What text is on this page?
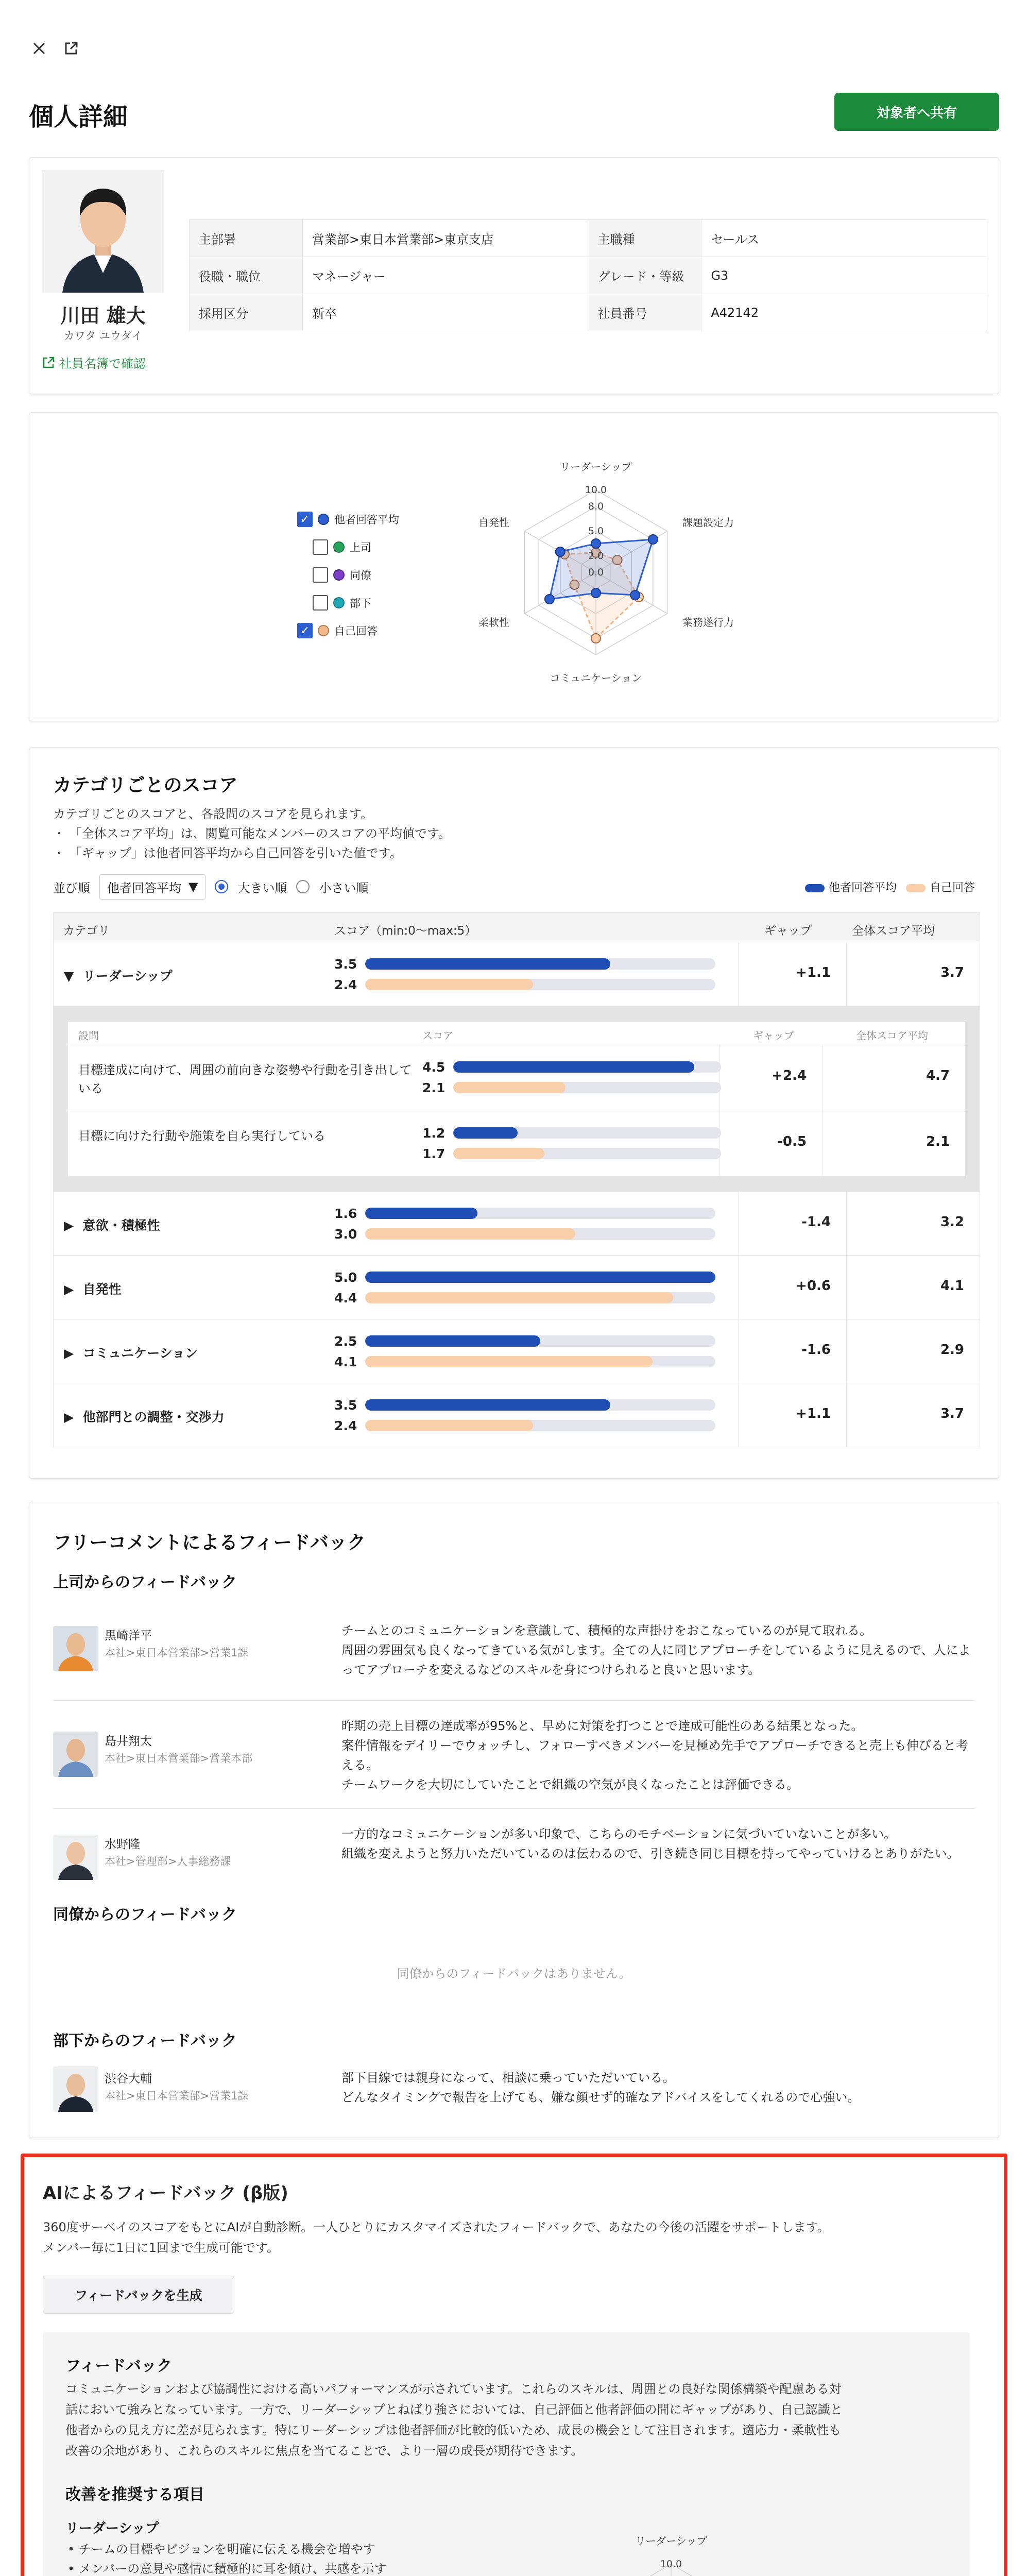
個人詳細	対象者へ共有
川田 雄大
カワタ ユウダイ
社員名簿で確認
主部署	営業部>東日本営業部>東京支店	主職種	セールス
役職・職位	マネージャー	グレード・等級	G3
採用区分	新卒	社員番号	A42142
✓ 他者回答平均
上司
同僚
部下
✓ 自己回答
10.0
8.0
5.0
2.0
0.0
リーダーシップ
課題設定力
業務遂行力
コミュニケーション
柔軟性
自発性
カテゴリごとのスコア
カテゴリごとのスコアと、各設問のスコアを見られます。
・ 「全体スコア平均」は、閲覧可能なメンバーのスコアの平均値です。
・ 「ギャップ」は他者回答平均から自己回答を引いた値です。
並び順 他者回答平均 ▼	大きい順	小さい順	他者回答平均	自己回答
カテゴリ	スコア（min:0〜max:5）	ギャップ	全体スコア平均
▼ リーダーシップ
3.5
2.4
+1.1	3.7
設問	スコア	ギャップ	全体スコア平均
目標達成に向けて、周囲の前向きな姿勢や行動を引き出している
4.5
2.1
+2.4	4.7
目標に向けた行動や施策を自ら実行している	1.2
1.7
-0.5	2.1
▶ 意欲・積極性
1.6
3.0
-1.4	3.2
▶ 自発性
5.0
4.4
+0.6	4.1
▶ コミュニケーション
2.5
4.1
-1.6	2.9
▶ 他部門との調整・交渉力
3.5
2.4
+1.1	3.7
フリーコメントによるフィードバック
上司からのフィードバック
黒崎洋平
本社>東日本営業部>営業1課
チームとのコミュニケーションを意識して、積極的な声掛けをおこなっているのが見て取れる。
周囲の雰囲気も良くなってきている気がします。全ての人に同じアプローチをしているように見えるので、人によってアプローチを変えるなどのスキルを身につけられると良いと思います。
島井翔太
本社>東日本営業部>営業本部
昨期の売上目標の達成率が95%と、早めに対策を打つことで達成可能性のある結果となった。
案件情報をデイリーでウォッチし、フォローすべきメンバーを見極め先手でアプローチできると売上も伸びると考える。
チームワークを大切にしていたことで組織の空気が良くなったことは評価できる。
水野隆
本社>管理部>人事総務課
一方的なコミュニケーションが多い印象で、こちらのモチベーションに気づいていないことが多い。
組織を変えようと努力いただいているのは伝わるので、引き続き同じ目標を持ってやっていけるとありがたい。
同僚からのフィードバック
同僚からのフィードバックはありません。
部下からのフィードバック
渋谷大輔
本社>東日本営業部>営業1課
部下目線では親身になって、相談に乗っていただいている。
どんなタイミングで報告を上げても、嫌な顔せず的確なアドバイスをしてくれるので心強い。
AIによるフィードバック (β版)
360度サーベイのスコアをもとにAIが自動診断。一人ひとりにカスタマイズされたフィードバックで、あなたの今後の活躍をサポートします。
メンバー毎に1日に1回まで生成可能です。
フィードバックを生成
フィードバック
コミュニケーションおよび協調性における高いパフォーマンスが示されています。これらのスキルは、周囲との良好な関係構築や配慮ある対
話において強みとなっています。一方で、リーダーシップとねばり強さにおいては、自己評価と他者評価の間にギャップがあり、自己認識と
他者からの見え方に差が見られます。特にリーダーシップは他者評価が比較的低いため、成長の機会として注目されます。適応力・柔軟性も
改善の余地があり、これらのスキルに焦点を当てることで、より一層の成長が期待できます。
改善を推奨する項目
リーダーシップ
• チームの目標やビジョンを明確に伝える機会を増やす
• メンバーの意見や感情に積極的に耳を傾け、共感を示す	10.0
リーダーシップ
